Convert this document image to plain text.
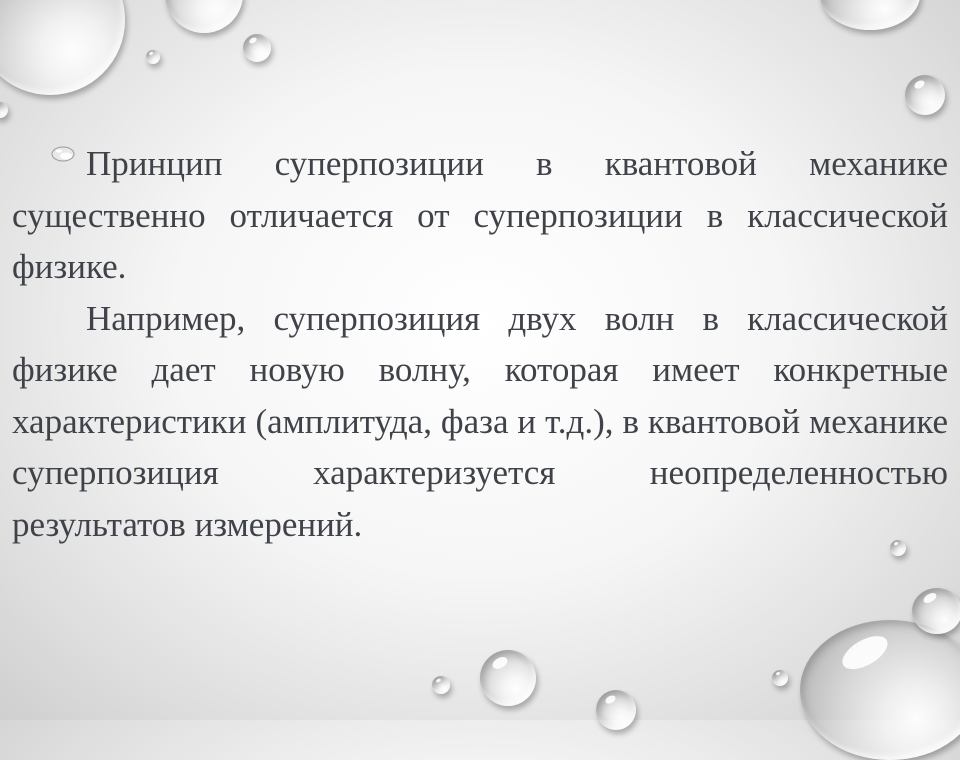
Принцип суперпозиции в квантовой механике существенно отличается от суперпозиции в классической физике.

Например, суперпозиция двух волн в классической физике дает новую волну, которая имеет конкретные характеристики (амплитуда, фаза и т.д.), в квантовой механике суперпозиция характеризуется неопределенностью результатов измерений.
